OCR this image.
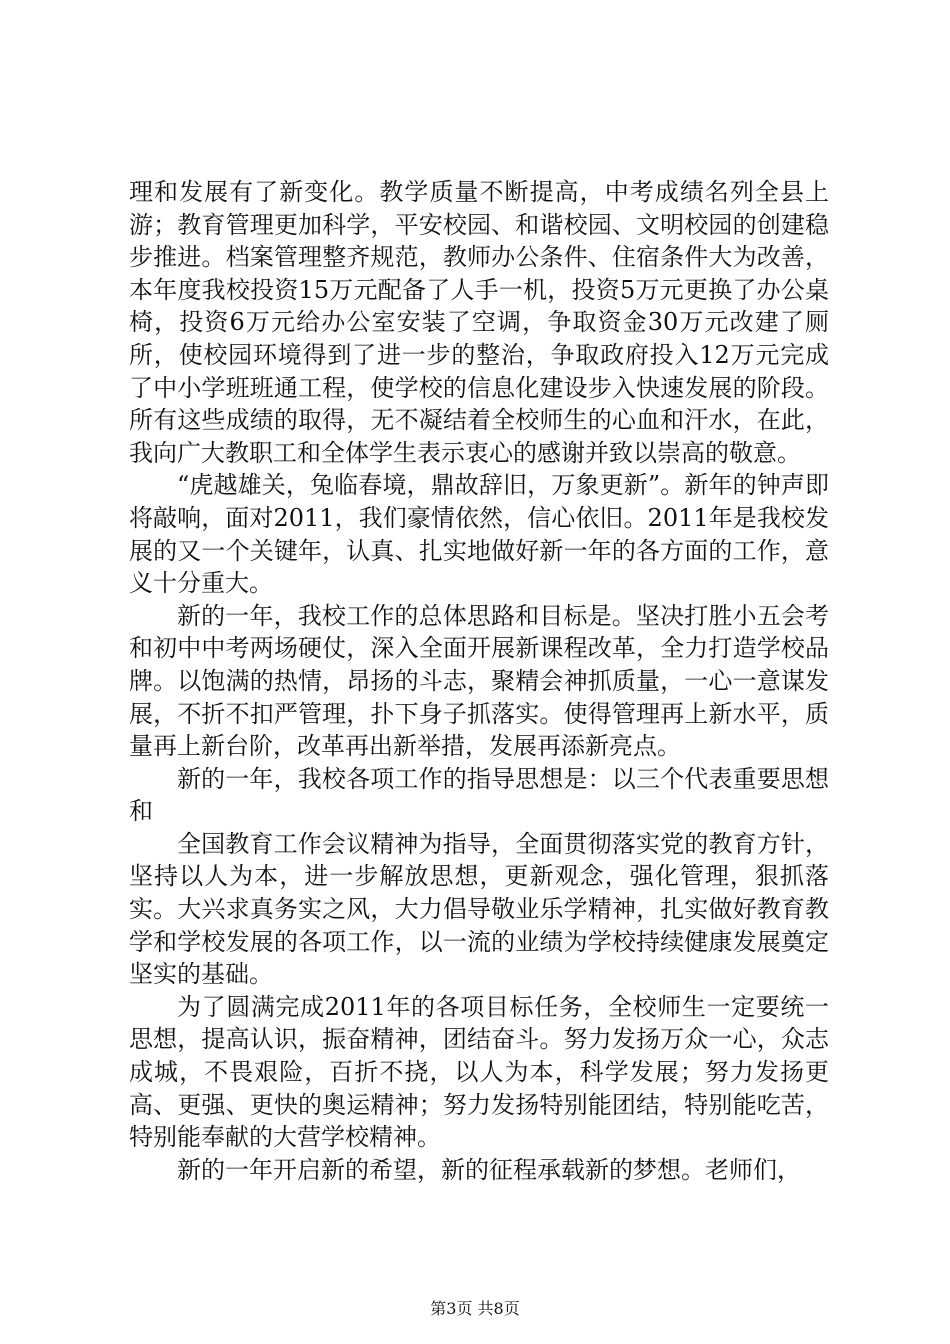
理和发展有了新变化。教学质量不断提高，中考成绩名列全县上游；教育管理更加科学，平安校园、和谐校园、文明校园的创建稳步推进。档案管理整齐规范，教师办公条件、住宿条件大为改善，本年度我校投资15万元配备了人手一机，投资5万元更换了办公桌椅，投资6万元给办公室安装了空调，争取资金30万元改建了厕所，使校园环境得到了进一步的整治，争取政府投入12万元完成了中小学班班通工程，使学校的信息化建设步入快速发展的阶段。所有这些成绩的取得，无不凝结着全校师生的心血和汗水，在此，我向广大教职工和全体学生表示衷心的感谢并致以崇高的敬意。

“虎越雄关，兔临春境，鼎故辞旧，万象更新”。新年的钟声即将敲响，面对2011，我们豪情依然，信心依旧。2011年是我校发展的又一个关键年，认真、扎实地做好新一年的各方面的工作，意义十分重大。

新的一年，我校工作的总体思路和目标是。坚决打胜小五会考和初中中考两场硬仗，深入全面开展新课程改革，全力打造学校品牌。以饱满的热情，昂扬的斗志，聚精会神抓质量，一心一意谋发展，不折不扣严管理，扑下身子抓落实。使得管理再上新水平，质量再上新台阶，改革再出新举措，发展再添新亮点。

新的一年，我校各项工作的指导思想是：以三个代表重要思想和

全国教育工作会议精神为指导，全面贯彻落实党的教育方针，坚持以人为本，进一步解放思想，更新观念，强化管理，狠抓落实。大兴求真务实之风，大力倡导敬业乐学精神，扎实做好教育教学和学校发展的各项工作，以一流的业绩为学校持续健康发展奠定坚实的基础。

为了圆满完成2011年的各项目标任务，全校师生一定要统一思想，提高认识，振奋精神，团结奋斗。努力发扬万众一心，众志成城，不畏艰险，百折不挠，以人为本，科学发展；努力发扬更高、更强、更快的奥运精神；努力发扬特别能团结，特别能吃苦，特别能奉献的大营学校精神。

新的一年开启新的希望，新的征程承载新的梦想。老师们，

第3页 共8页
